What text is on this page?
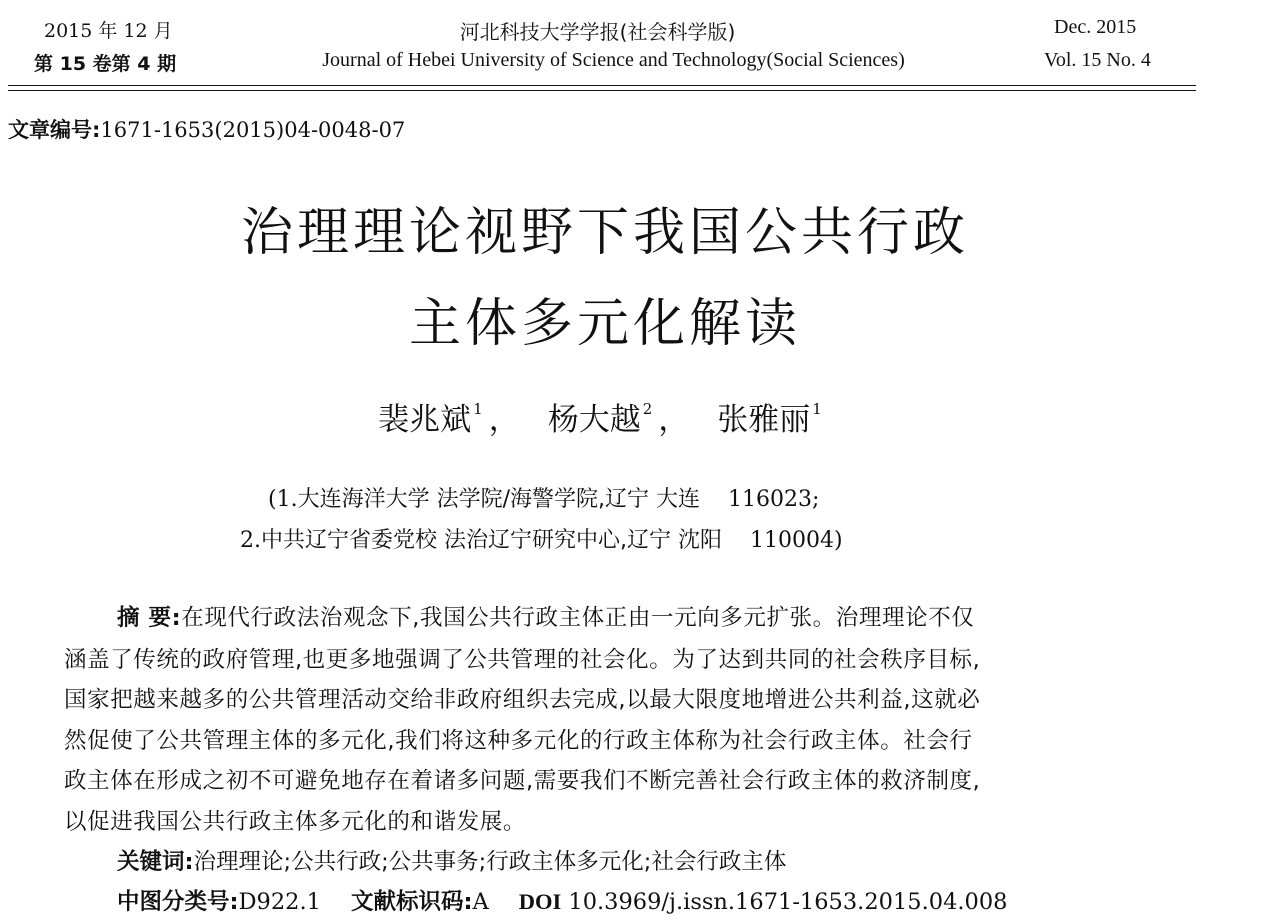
2015 年 12 月
第 15 卷第 4 期
河北科技大学学报(社会科学版)
Journal of Hebei University of Science and Technology(Social Sciences)
Dec. 2015
Vol. 15 No. 4
文章编号:1671-1653(2015)04-0048-07
治理理论视野下我国公共行政
主体多元化解读
裴兆斌 $^1$ ， 杨大越 $^2$ ， 张雅丽 $^1$
(1.大连海洋大学 法学院/海警学院,辽宁 大连 116023;
2.中共辽宁省委党校 法治辽宁研究中心,辽宁 沈阳 110004)
摘 要:在现代行政法治观念下,我国公共行政主体正由一元向多元扩张。治理理论不仅
涵盖了传统的政府管理,也更多地强调了公共管理的社会化。为了达到共同的社会秩序目标,
国家把越来越多的公共管理活动交给非政府组织去完成,以最大限度地增进公共利益,这就必
然促使了公共管理主体的多元化,我们将这种多元化的行政主体称为社会行政主体。社会行
政主体在形成之初不可避免地存在着诸多问题,需要我们不断完善社会行政主体的救济制度,
以促进我国公共行政主体多元化的和谐发展。
关键词:治理理论;公共行政;公共事务;行政主体多元化;社会行政主体
中图分类号:D922.1 文献标识码:A DOI 10.3969/j.issn.1671-1653.2015.04.008
